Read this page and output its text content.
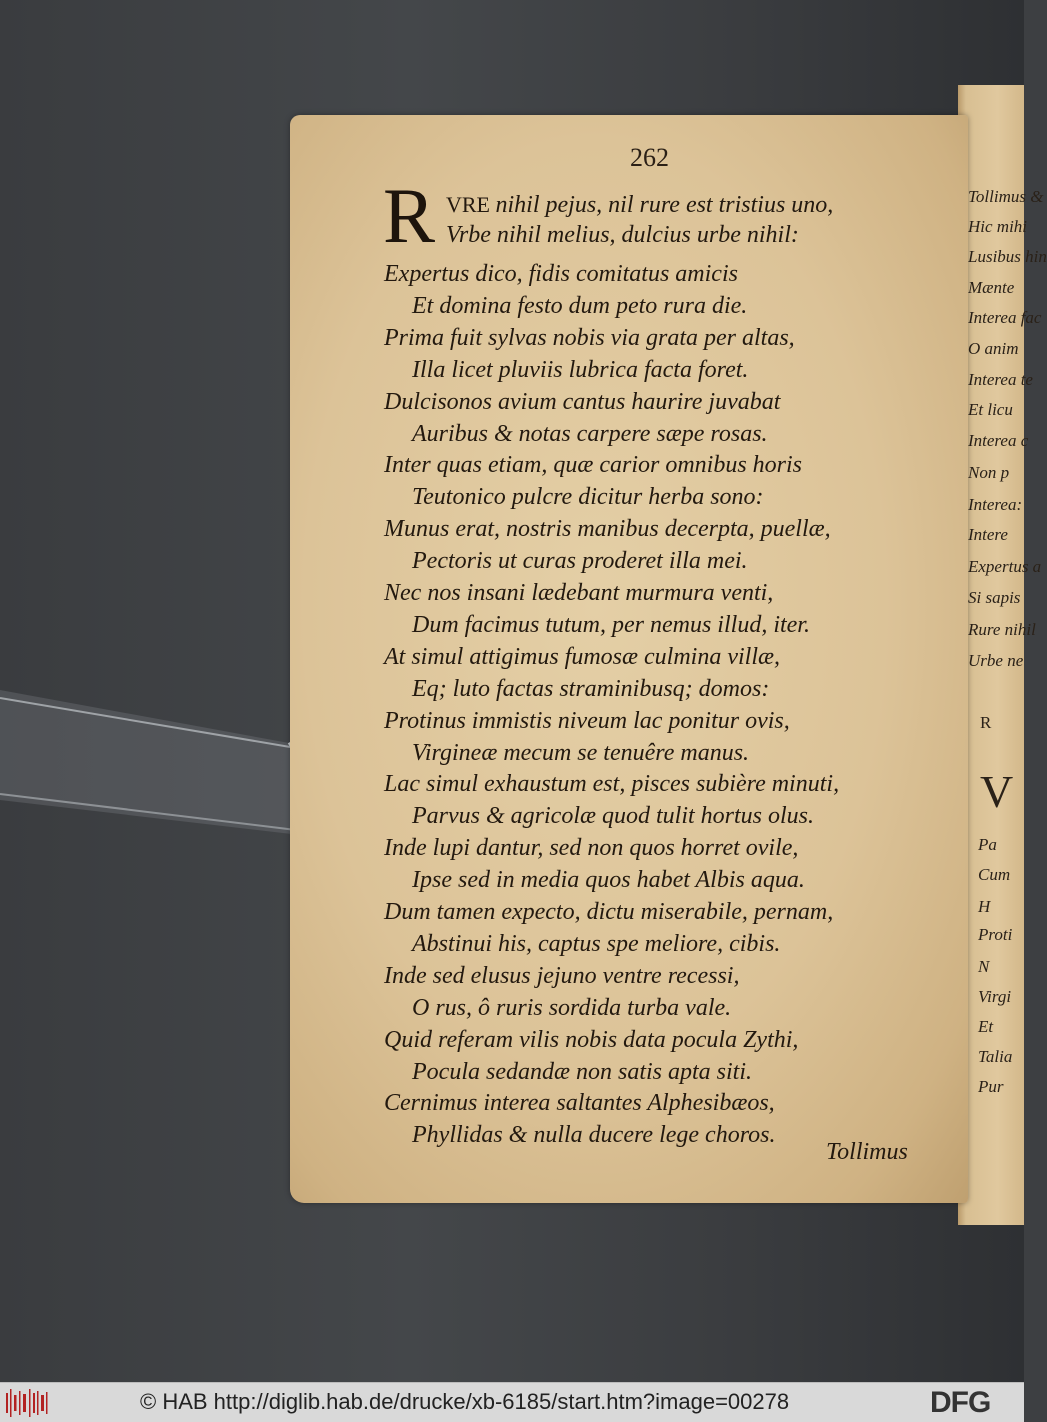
Tollimus &
Hic mihi
Lusibus hin
Mænte
Interea fac
O anim
Interea te
Et licu
Interea c
Non p
Interea:
Intere
Expertus a
Si sapis
Rure nihil
Urbe ne
R
V
Pa
Cum
H
Proti
N
Virgi
Et
Talia
Pur
262
R VRE nihil pejus, nil rure est tristius uno,
Vrbe nihil melius, dulcius urbe nihil:
Expertus dico, fidis comitatus amicis
Et domina festo dum peto rura die.
Prima fuit sylvas nobis via grata per altas,
Illa licet pluviis lubrica facta foret.
Dulcisonos avium cantus haurire juvabat
Auribus & notas carpere sæpe rosas.
Inter quas etiam, quæ carior omnibus horis
Teutonico pulcre dicitur herba sono:
Munus erat, nostris manibus decerpta, puellæ,
Pectoris ut curas proderet illa mei.
Nec nos insani lædebant murmura venti,
Dum facimus tutum, per nemus illud, iter.
At simul attigimus fumosæ culmina villæ,
Eq; luto factas straminibusq; domos:
Protinus immistis niveum lac ponitur ovis,
Virgineæ mecum se tenuêre manus.
Lac simul exhaustum est, pisces subière minuti,
Parvus & agricolæ quod tulit hortus olus.
Inde lupi dantur, sed non quos horret ovile,
Ipse sed in media quos habet Albis aqua.
Dum tamen expecto, dictu miserabile, pernam,
Abstinui his, captus spe meliore, cibis.
Inde sed elusus jejuno ventre recessi,
O rus, ô ruris sordida turba vale.
Quid referam vilis nobis data pocula Zythi,
Pocula sedandæ non satis apta siti.
Cernimus interea saltantes Alphesibæos,
Phyllidas & nulla ducere lege choros.
Tollimus
© HAB http://diglib.hab.de/drucke/xb-6185/start.htm?image=00278	DFG
